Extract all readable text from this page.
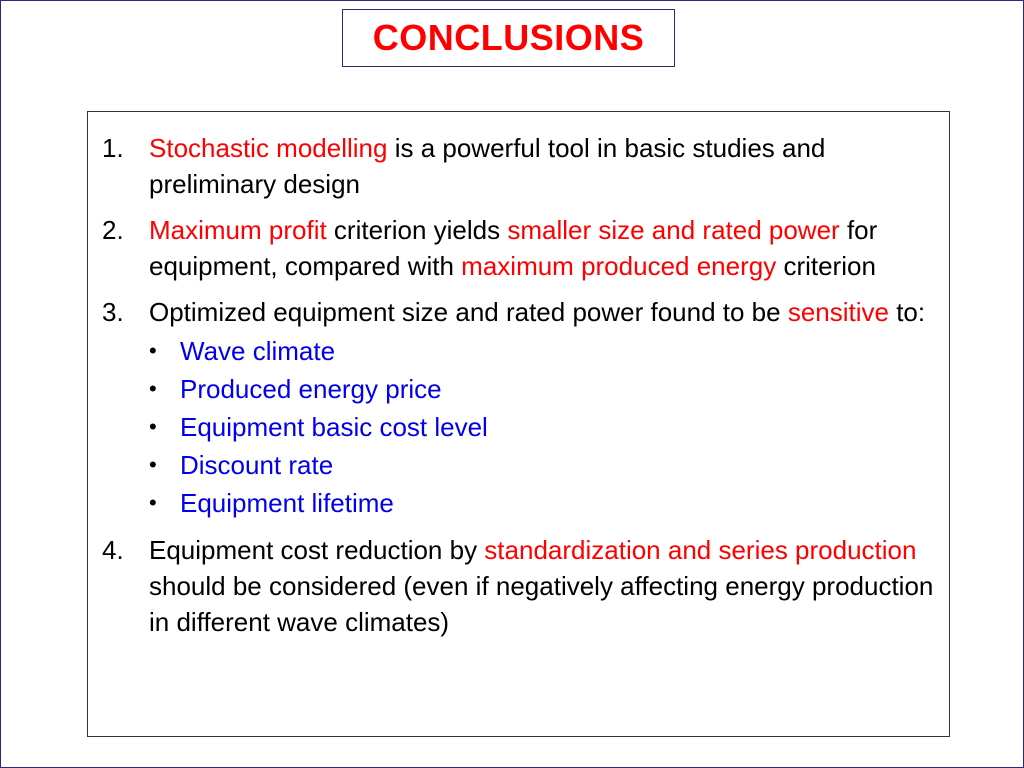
CONCLUSIONS
1. Stochastic modelling is a powerful tool in basic studies and preliminary design
2. Maximum profit criterion yields smaller size and rated power for equipment, compared with maximum produced energy criterion
3. Optimized equipment size and rated power found to be sensitive to:
• Wave climate
• Produced energy price
• Equipment basic cost level
• Discount rate
• Equipment lifetime
4. Equipment cost reduction by standardization and series production should be considered (even if negatively affecting energy production in different wave climates)
